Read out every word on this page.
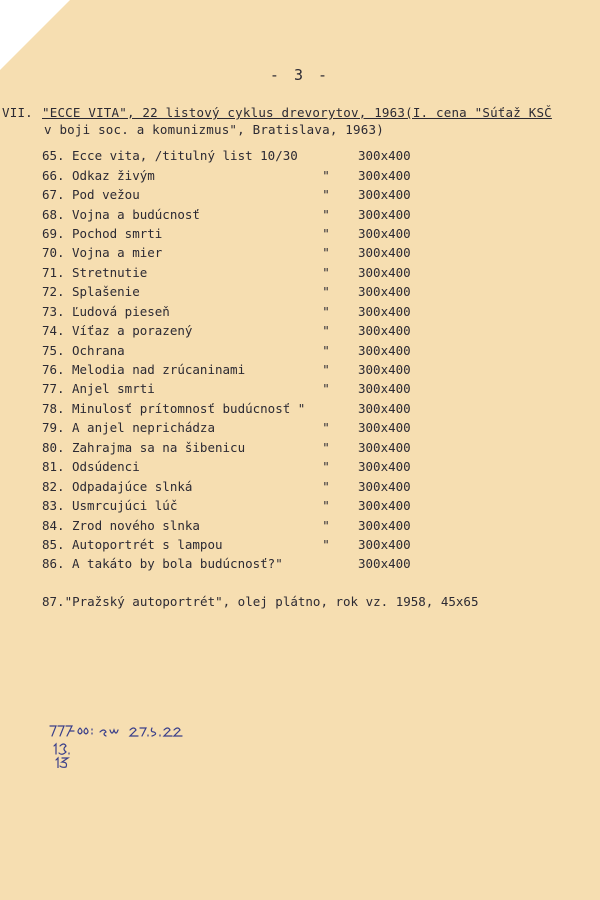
- 3 -
VII. "ECCE VITA", 22 listový cyklus drevorytov, 1963(I. cena "Súťaž KSČ
v boji soc. a komunizmus", Bratislava, 1963)
65. Ecce vita, /titulný list 10/30	300x400
66. Odkaz živým	"	300x400
67. Pod vežou	"	300x400
68. Vojna a budúcnosť	"	300x400
69. Pochod smrti	"	300x400
70. Vojna a mier	"	300x400
71. Stretnutie	"	300x400
72. Splašenie	"	300x400
73. Ľudová pieseň	"	300x400
74. Víťaz a porazený	"	300x400
75. Ochrana	"	300x400
76. Melodia nad zrúcaninami	"	300x400
77. Anjel smrti	"	300x400
78. Minulosť prítomnosť budúcnosť "	300x400
79. A anjel neprichádza	"	300x400
80. Zahrajma sa na šibenicu	"	300x400
81. Odsúdenci	"	300x400
82. Odpadajúce slnká	"	300x400
83. Usmrcujúci lúč	"	300x400
84. Zrod nového slnka	"	300x400
85. Autoportrét s lampou	"	300x400
86. A takáto by bola budúcnosť?"	300x400
87."Pražský autoportrét", olej plátno, rok vz. 1958, 45x65
